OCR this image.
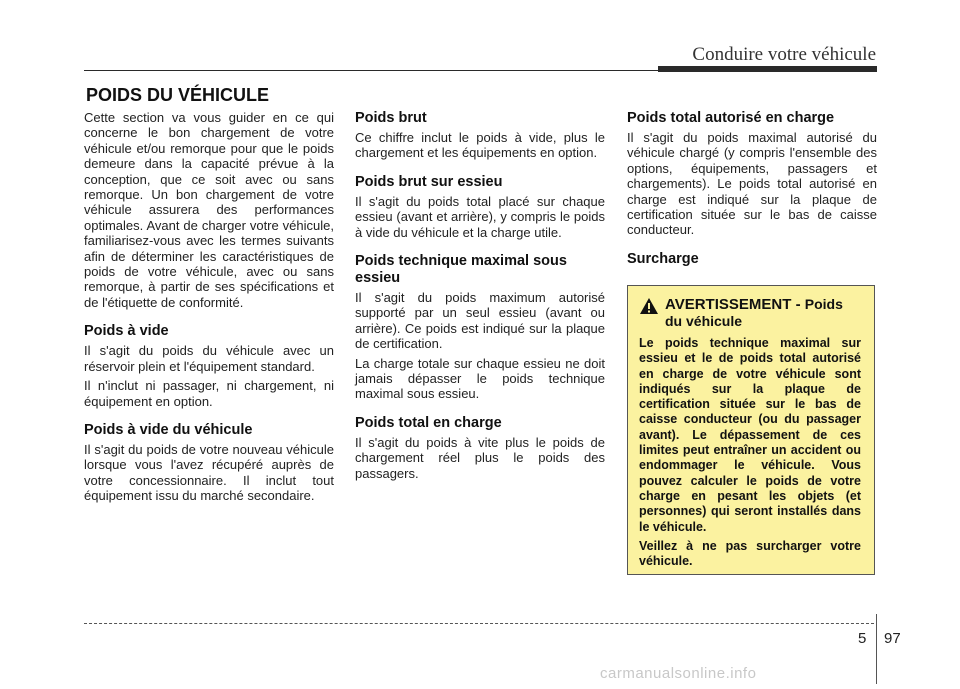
Conduire votre véhicule
POIDS DU VÉHICULE

Cette section va vous guider en ce qui concerne le bon chargement de votre véhicule et/ou remorque pour que le poids demeure dans la capacité prévue à la conception, que ce soit avec ou sans remorque. Un bon chargement de votre véhicule assurera des performances optimales. Avant de charger votre véhicule, familiarisez-vous avec les termes suivants afin de déterminer les caractéristiques de poids de votre véhicule, avec ou sans remorque, à partir de ses spécifications et de l'étiquette de conformité.

Poids à vide

Il s'agit du poids du véhicule avec un réservoir plein et l'équipement standard.

Il n'inclut ni passager, ni chargement, ni équipement en option.

Poids à vide du véhicule

Il s'agit du poids de votre nouveau véhicule lorsque vous l'avez récupéré auprès de votre concessionnaire. Il inclut tout équipement issu du marché secondaire.

Poids brut

Ce chiffre inclut le poids à vide, plus le chargement et les équipements en option.

Poids brut sur essieu

Il s'agit du poids total placé sur chaque essieu (avant et arrière), y compris le poids à vide du véhicule et la charge utile.

Poids technique maximal sous essieu

Il s'agit du poids maximum autorisé supporté par un seul essieu (avant ou arrière). Ce poids est indiqué sur la plaque de certification.

La charge totale sur chaque essieu ne doit jamais dépasser le poids technique maximal sous essieu.

Poids total en charge

Il s'agit du poids à vite plus le poids de chargement réel plus le poids des passagers.

Poids total autorisé en charge

Il s'agit du poids maximal autorisé du véhicule chargé (y compris l'ensemble des options, équipements, passagers et chargements). Le poids total autorisé en charge est indiqué sur la plaque de certification située sur le bas de caisse conducteur.

Surcharge
AVERTISSEMENT - Poids du véhicule

Le poids technique maximal sur essieu et le de poids total autorisé en charge de votre véhicule sont indiqués sur la plaque de certification située sur le bas de caisse conducteur (ou du passager avant). Le dépassement de ces limites peut entraîner un accident ou endommager le véhicule. Vous pouvez calculer le poids de votre charge en pesant les objets (et personnes) qui seront installés dans le véhicule.

Veillez à ne pas surcharger votre véhicule.

5 97
carmanualsonline.info
